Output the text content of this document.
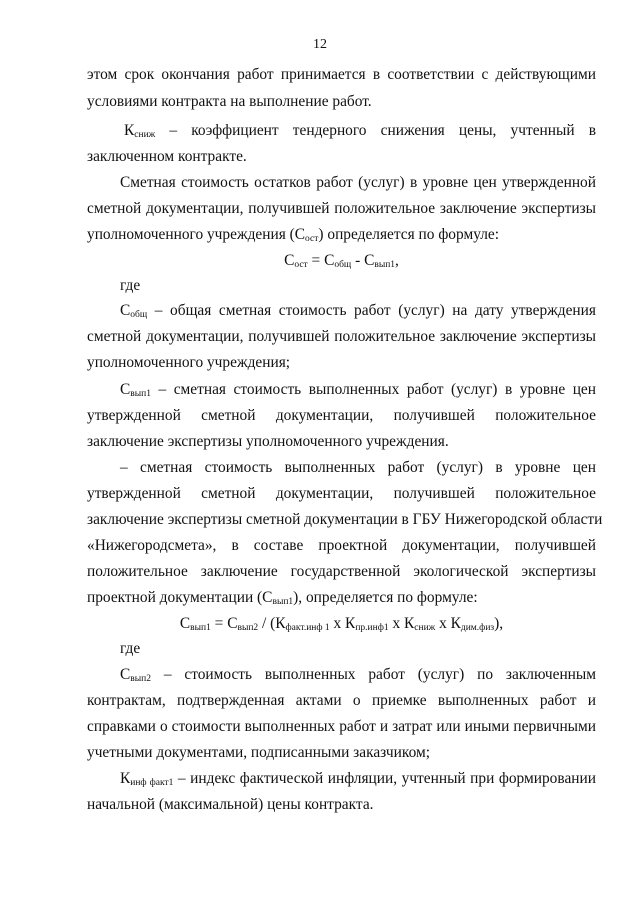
12
этом срок окончания работ принимается в соответствии с действующими
условиями контракта на выполнение работ.
$К_{сниж}$ – коэффициент тендерного снижения цены, учтенный в
заключенном контракте.
Сметная стоимость остатков работ (услуг) в уровне цен утвержденной
сметной документации, получившей положительное заключение экспертизы
уполномоченного учреждения $(С_{ост})$ определяется по формуле:
$С_{ост} = С_{общ} - С_{вып1}$,
где
$С_{общ}$ – общая сметная стоимость работ (услуг) на дату утверждения
сметной документации, получившей положительное заключение экспертизы
уполномоченного учреждения;
$С_{вып1}$ – сметная стоимость выполненных работ (услуг) в уровне цен
утвержденной сметной документации, получившей положительное
заключение экспертизы уполномоченного учреждения.
– сметная стоимость выполненных работ (услуг) в уровне цен
утвержденной сметной документации, получившей положительное
заключение экспертизы сметной документации в ГБУ Нижегородской области
«Нижегородсмета», в составе проектной документации, получившей
положительное заключение государственной экологической экспертизы
проектной документации $(С_{вып1})$, определяется по формуле:
$С_{вып1} = С_{вып2} / (К_{факт.инф 1}$ х $К_{пр.инф1}$ х $К_{сниж}$ х $К_{дим.физ}$),
где
$С_{вып2}$ – стоимость выполненных работ (услуг) по заключенным
контрактам, подтвержденная актами о приемке выполненных работ и
справками о стоимости выполненных работ и затрат или иными первичными
учетными документами, подписанными заказчиком;
$К_{инф факт1}$ – индекс фактической инфляции, учтенный при формировании
начальной (максимальной) цены контракта.
